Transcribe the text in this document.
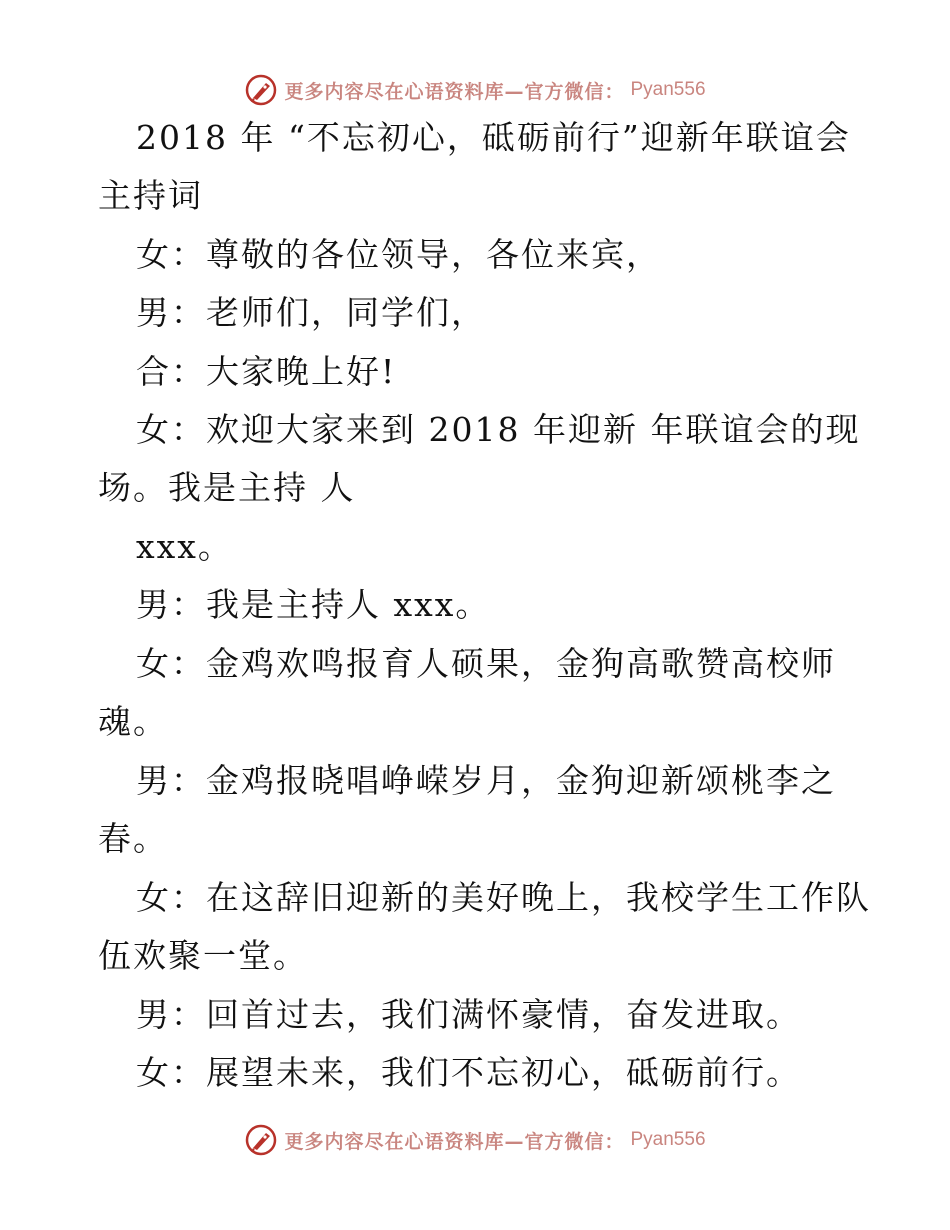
更多内容尽在心语资料库—官方微信： Pyan556
2018 年 “不忘初心，砥砺前行”迎新年联谊会
主持词
女：尊敬的各位领导，各位来宾，
男：老师们，同学们，
合：大家晚上好!
女：欢迎大家来到 2018 年迎新 年联谊会的现
场。我是主持 人
xxx。
男：我是主持人 xxx。
女：金鸡欢鸣报育人硕果，金狗高歌赞高校师
魂。
男：金鸡报晓唱峥嵘岁月，金狗迎新颂桃李之
春。
女：在这辞旧迎新的美好晚上，我校学生工作队
伍欢聚一堂。
男：回首过去，我们满怀豪情，奋发进取。
女：展望未来，我们不忘初心，砥砺前行。
更多内容尽在心语资料库—官方微信： Pyan556
